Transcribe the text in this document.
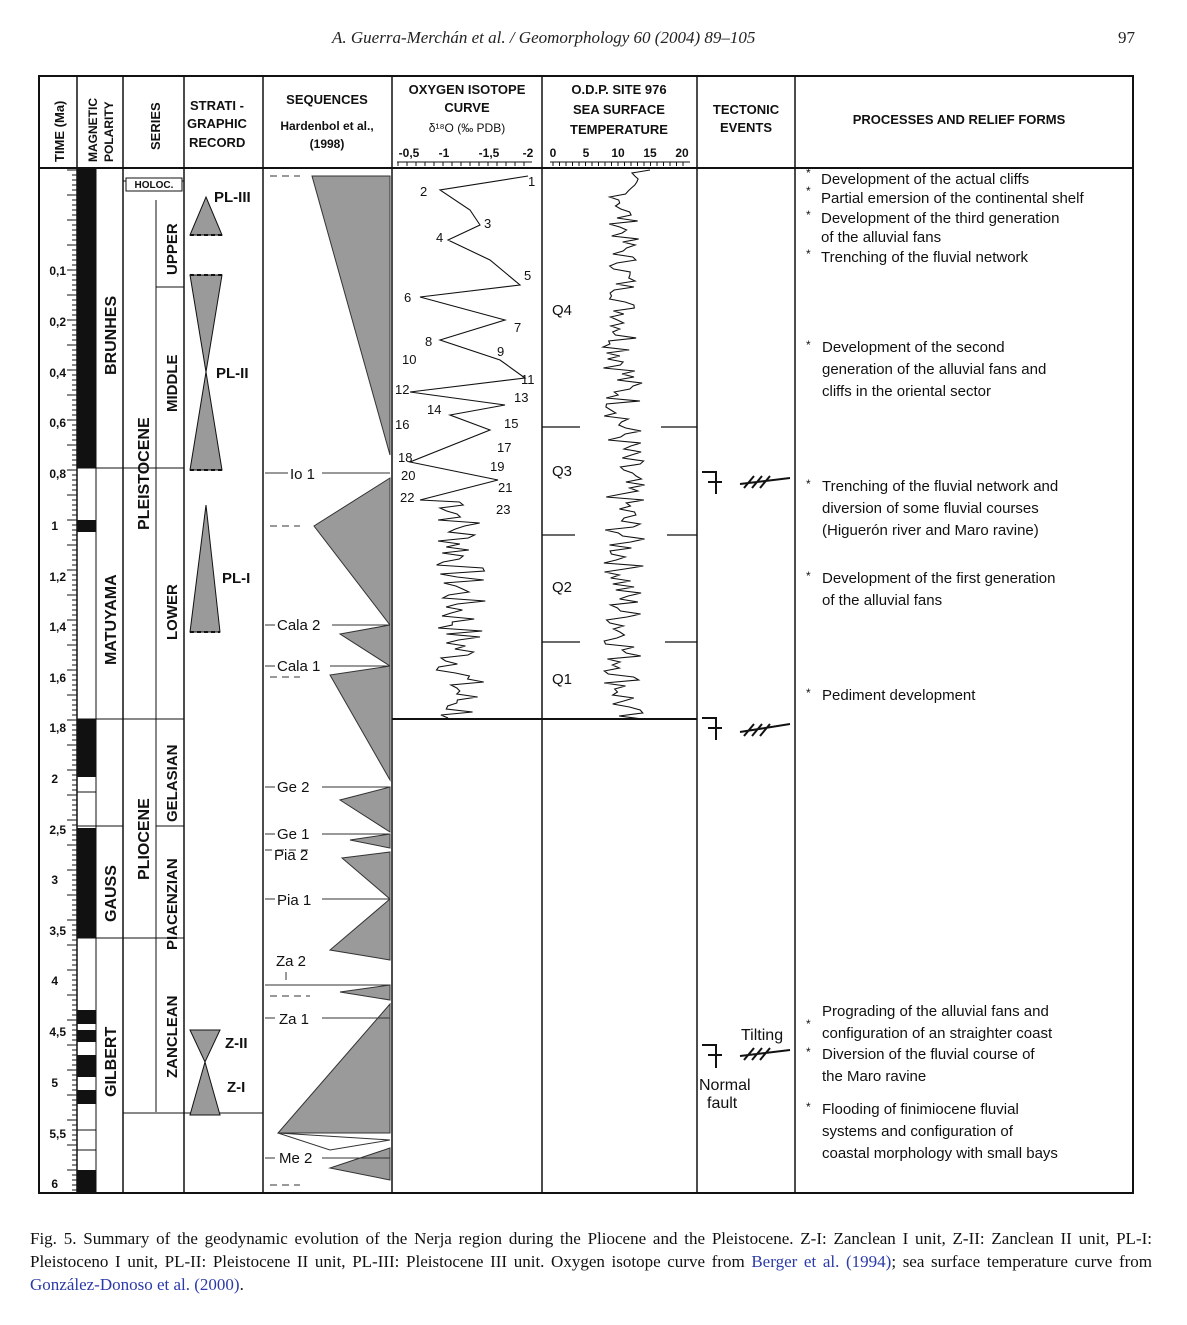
A. Guerra-Merchán et al. / Geomorphology 60 (2004) 89–105	97
TIME (Ma) MAGNETIC POLARITY SERIES STRATI -
GRAPHIC
RECORD
SEQUENCES
Hardenbol et al.,
(1998)
OXYGEN ISOTOPE
CURVE
δ¹⁸O (‰ PDB)
O.D.P. SITE 976
SEA SURFACE
TEMPERATURE
TECTONIC
EVENTS
PROCESSES AND RELIEF FORMS
-0,5 -1 -1,5 -2 0 5 10 15 20
0,1
0,2
0,4
0,6
0,8
1
1,2
1,4
1,6
1,8
2
2,5
3
3,5
4
4,5
5
5,5
6
BRUNHES
MATUYAMA
GAUSS
GILBERT
HOLOC.
PLEISTOCENE
PLIOCENE
UPPER
MIDDLE
LOWER
GELASIAN
PIACENZIAN
ZANCLEAN
PL-III
PL-II
PL-I
Z-II
Z-I
Io 1
Cala 2
Cala 1
Ge 2
Ge 1
Pia 2
Pia 1
Za 2
Za 1
Me 2
1
2
3
4
5
6
7
8
9
10
11
12
13
14
15
16
17
18
19
20
21
22
23
Q4
Q3
Q2
Q1
Tilting
Normal
fault
* Development of the actual cliffs
* Partial emersion of the continental shelf
* Development of the third generation
of the alluvial fans
* Trenching of the fluvial network
* Development of the second
generation of the alluvial fans and
cliffs in the oriental sector
* Trenching of the fluvial network and
diversion of some fluvial courses
(Higuerón river and Maro ravine)
* Development of the first generation
of the alluvial fans
* Pediment development
*
Prograding of the alluvial fans and
configuration of an straighter coast
* Diversion of the fluvial course of
the Maro ravine
* Flooding of finimiocene fluvial
systems and configuration of
coastal morphology with small bays
Fig. 5. Summary of the geodynamic evolution of the Nerja region during the Pliocene and the Pleistocene. Z-I: Zanclean I unit, Z-II: Zanclean II unit, PL-I: Pleistoceno I unit, PL-II: Pleistocene II unit, PL-III: Pleistocene III unit. Oxygen isotope curve from Berger et al. (1994); sea surface temperature curve from González-Donoso et al. (2000).
